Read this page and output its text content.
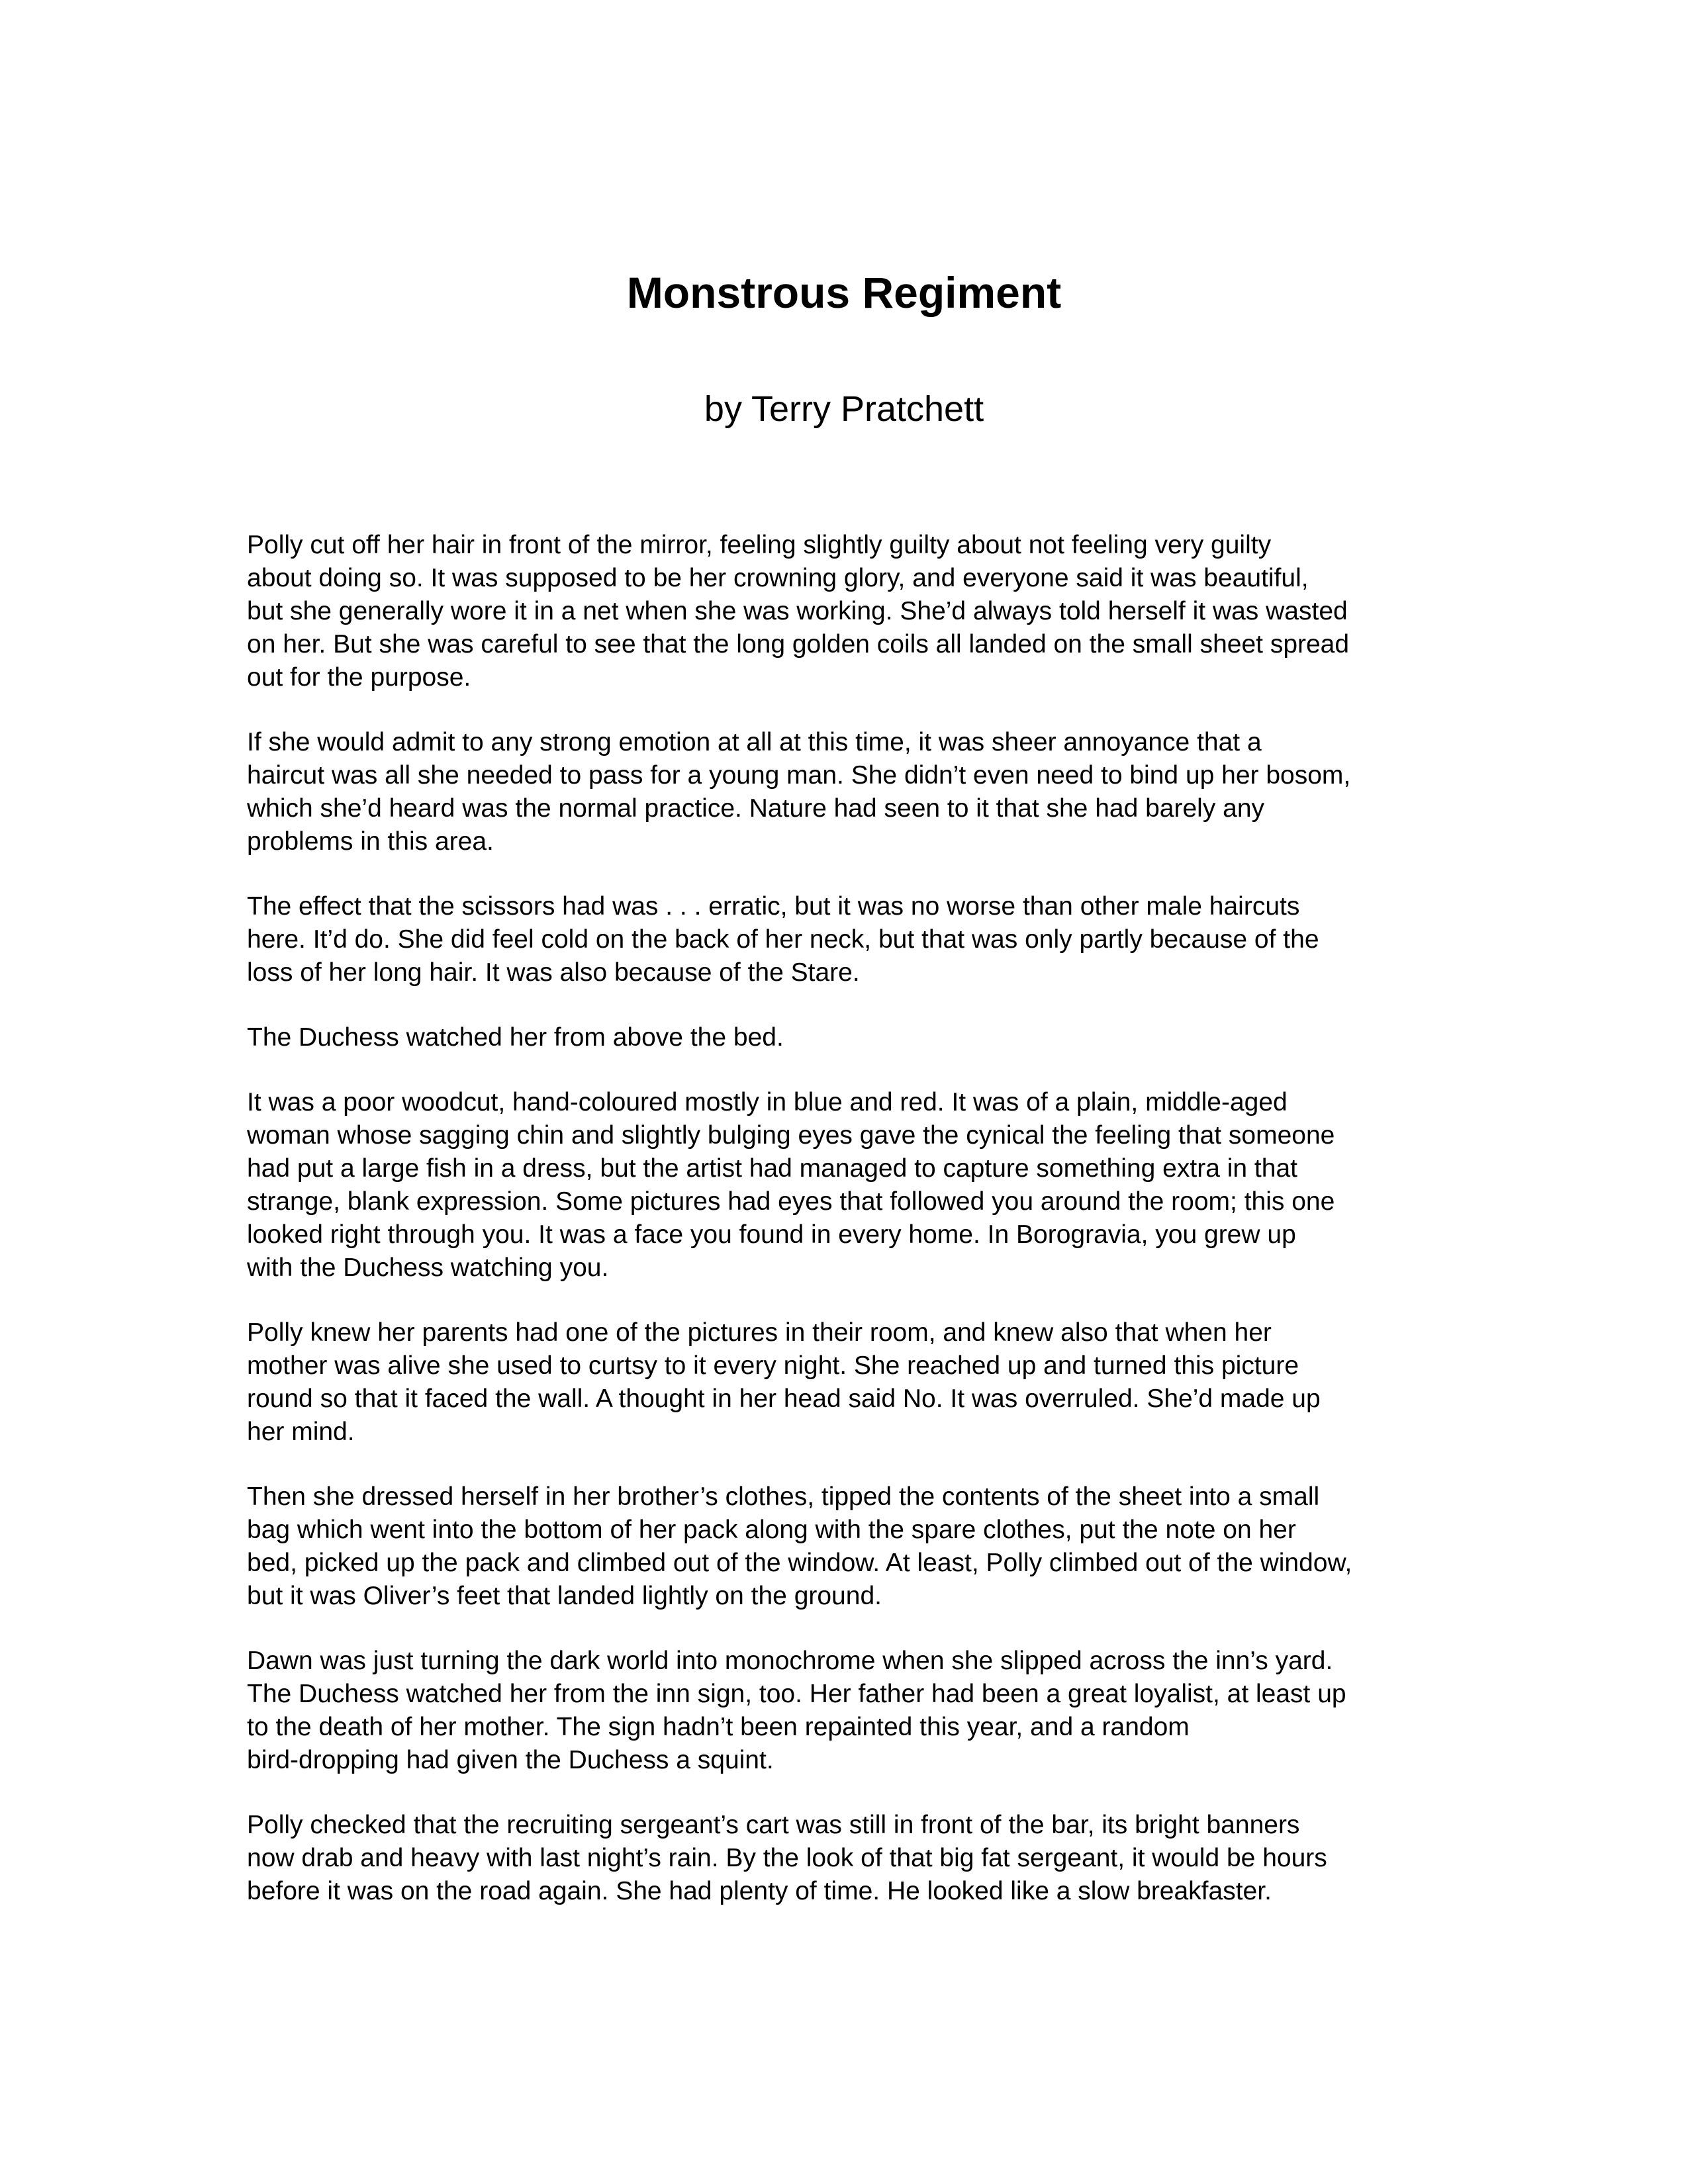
Monstrous Regiment

by Terry Pratchett

Polly cut off her hair in front of the mirror, feeling slightly guilty about not feeling very guilty
about doing so. It was supposed to be her crowning glory, and everyone said it was beautiful,
but she generally wore it in a net when she was working. She’d always told herself it was wasted
on her. But she was careful to see that the long golden coils all landed on the small sheet spread
out for the purpose.

If she would admit to any strong emotion at all at this time, it was sheer annoyance that a
haircut was all she needed to pass for a young man. She didn’t even need to bind up her bosom,
which she’d heard was the normal practice. Nature had seen to it that she had barely any
problems in this area.

The effect that the scissors had was . . . erratic, but it was no worse than other male haircuts
here. It’d do. She did feel cold on the back of her neck, but that was only partly because of the
loss of her long hair. It was also because of the Stare.

The Duchess watched her from above the bed.

It was a poor woodcut, hand-coloured mostly in blue and red. It was of a plain, middle-aged
woman whose sagging chin and slightly bulging eyes gave the cynical the feeling that someone
had put a large fish in a dress, but the artist had managed to capture something extra in that
strange, blank expression. Some pictures had eyes that followed you around the room; this one
looked right through you. It was a face you found in every home. In Borogravia, you grew up
with the Duchess watching you.

Polly knew her parents had one of the pictures in their room, and knew also that when her
mother was alive she used to curtsy to it every night. She reached up and turned this picture
round so that it faced the wall. A thought in her head said No. It was overruled. She’d made up
her mind.

Then she dressed herself in her brother’s clothes, tipped the contents of the sheet into a small
bag which went into the bottom of her pack along with the spare clothes, put the note on her
bed, picked up the pack and climbed out of the window. At least, Polly climbed out of the window,
but it was Oliver’s feet that landed lightly on the ground.

Dawn was just turning the dark world into monochrome when she slipped across the inn’s yard.
The Duchess watched her from the inn sign, too. Her father had been a great loyalist, at least up
to the death of her mother. The sign hadn’t been repainted this year, and a random
bird-dropping had given the Duchess a squint.

Polly checked that the recruiting sergeant’s cart was still in front of the bar, its bright banners
now drab and heavy with last night’s rain. By the look of that big fat sergeant, it would be hours
before it was on the road again. She had plenty of time. He looked like a slow breakfaster.
